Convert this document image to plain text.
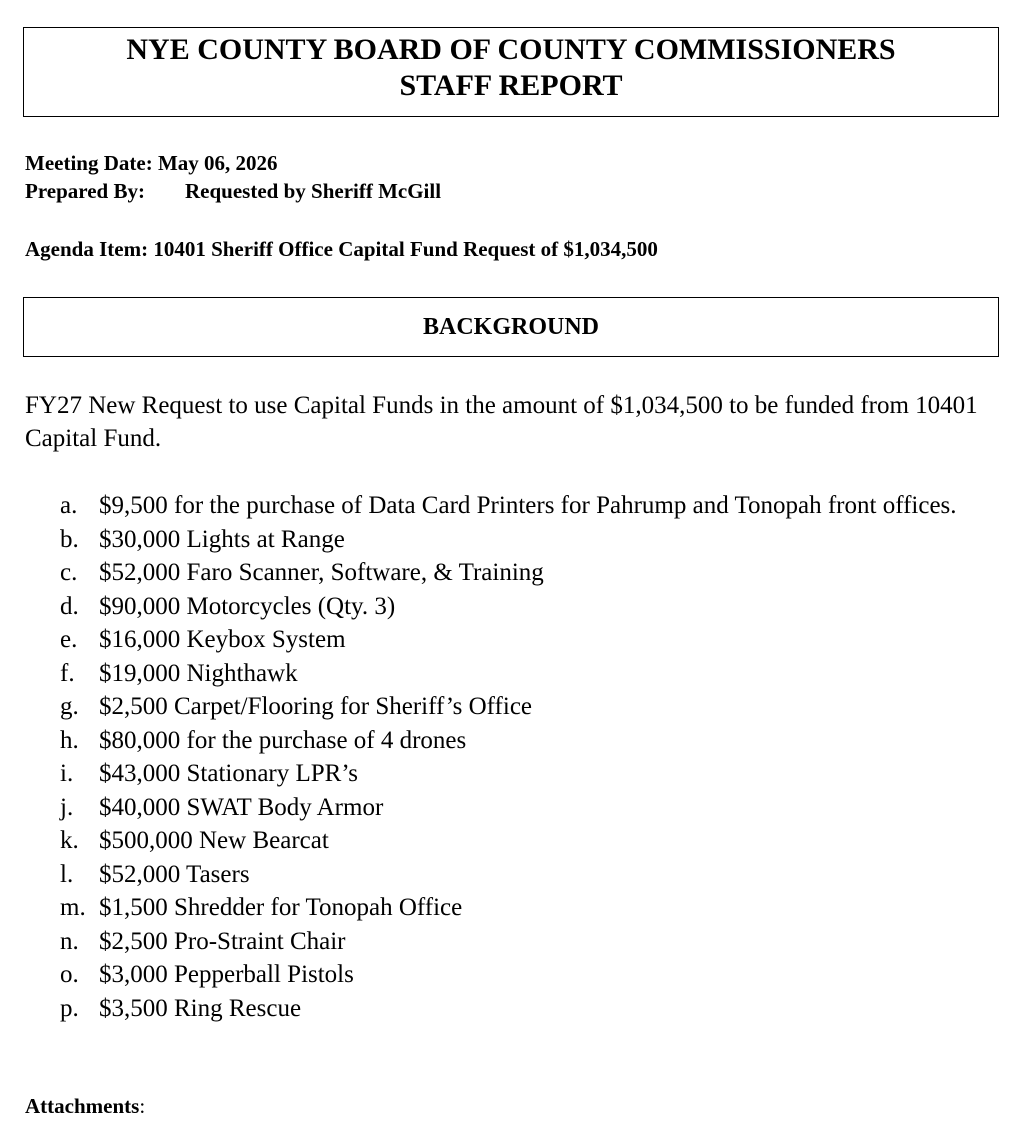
NYE COUNTY BOARD OF COUNTY COMMISSIONERS
STAFF REPORT
Meeting Date: May 06, 2026
Prepared By: Requested by Sheriff McGill
Agenda Item: 10401 Sheriff Office Capital Fund Request of $1,034,500
BACKGROUND
FY27 New Request to use Capital Funds in the amount of $1,034,500 to be funded from 10401 Capital Fund.
a. $9,500 for the purchase of Data Card Printers for Pahrump and Tonopah front offices.
b. $30,000 Lights at Range
c. $52,000 Faro Scanner, Software, & Training
d. $90,000 Motorcycles (Qty. 3)
e. $16,000 Keybox System
f. $19,000 Nighthawk
g. $2,500 Carpet/Flooring for Sheriff’s Office
h. $80,000 for the purchase of 4 drones
i. $43,000 Stationary LPR’s
j. $40,000 SWAT Body Armor
k. $500,000 New Bearcat
l. $52,000 Tasers
m. $1,500 Shredder for Tonopah Office
n. $2,500 Pro-Straint Chair
o. $3,000 Pepperball Pistols
p. $3,500 Ring Rescue
Attachments:
